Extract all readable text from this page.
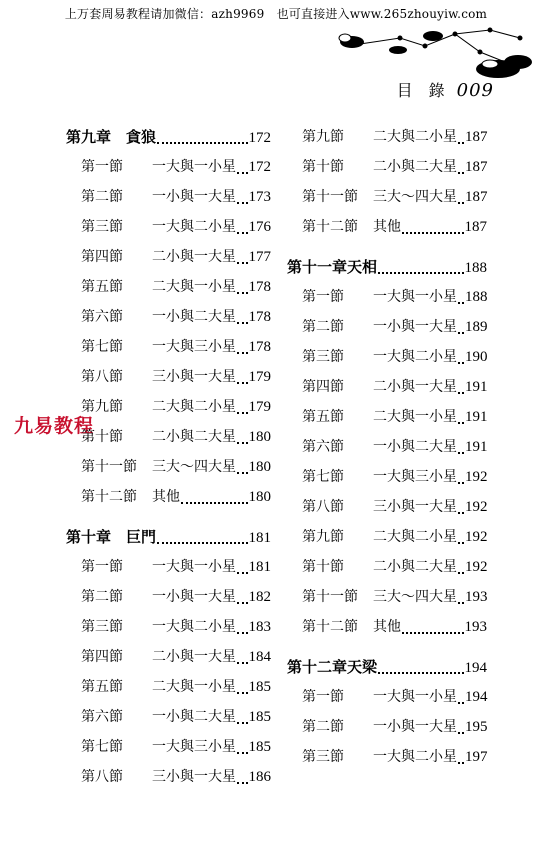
上万套周易教程请加微信：azh9969　也可直接进入www.265zhouyiw.com
目　錄 009
九易教程
第九章 貪狼	172
第一節	一大與一小星 172
第二節	一小與一大星 173
第三節	一大與二小星 176
第四節	二小與一大星 177
第五節	二大與一小星 178
第六節	一小與二大星 178
第七節	一大與三小星 178
第八節	三小與一大星 179
第九節	二大與二小星 179
第十節	二小與二大星 180
第十一節	三大～四大星 180
第十二節	其他	180
第十章 巨門	181
第一節	一大與一小星 181
第二節	一小與一大星 182
第三節	一大與二小星 183
第四節	二小與一大星 184
第五節	二大與一小星 185
第六節	一小與二大星 185
第七節	一大與三小星 185
第八節	三小與一大星 186
第九節	二大與二小星 187
第十節	二小與二大星 187
第十一節	三大～四大星 187
第十二節	其他	187
第十一章 天相	188
第一節	一大與一小星 188
第二節	一小與一大星 189
第三節	一大與二小星 190
第四節	二小與一大星 191
第五節	二大與一小星 191
第六節	一小與二大星 191
第七節	一大與三小星 192
第八節	三小與一大星 192
第九節	二大與二小星 192
第十節	二小與二大星 192
第十一節	三大～四大星 193
第十二節	其他	193
第十二章 天梁	194
第一節	一大與一小星 194
第二節	一小與一大星 195
第三節	一大與二小星 197
